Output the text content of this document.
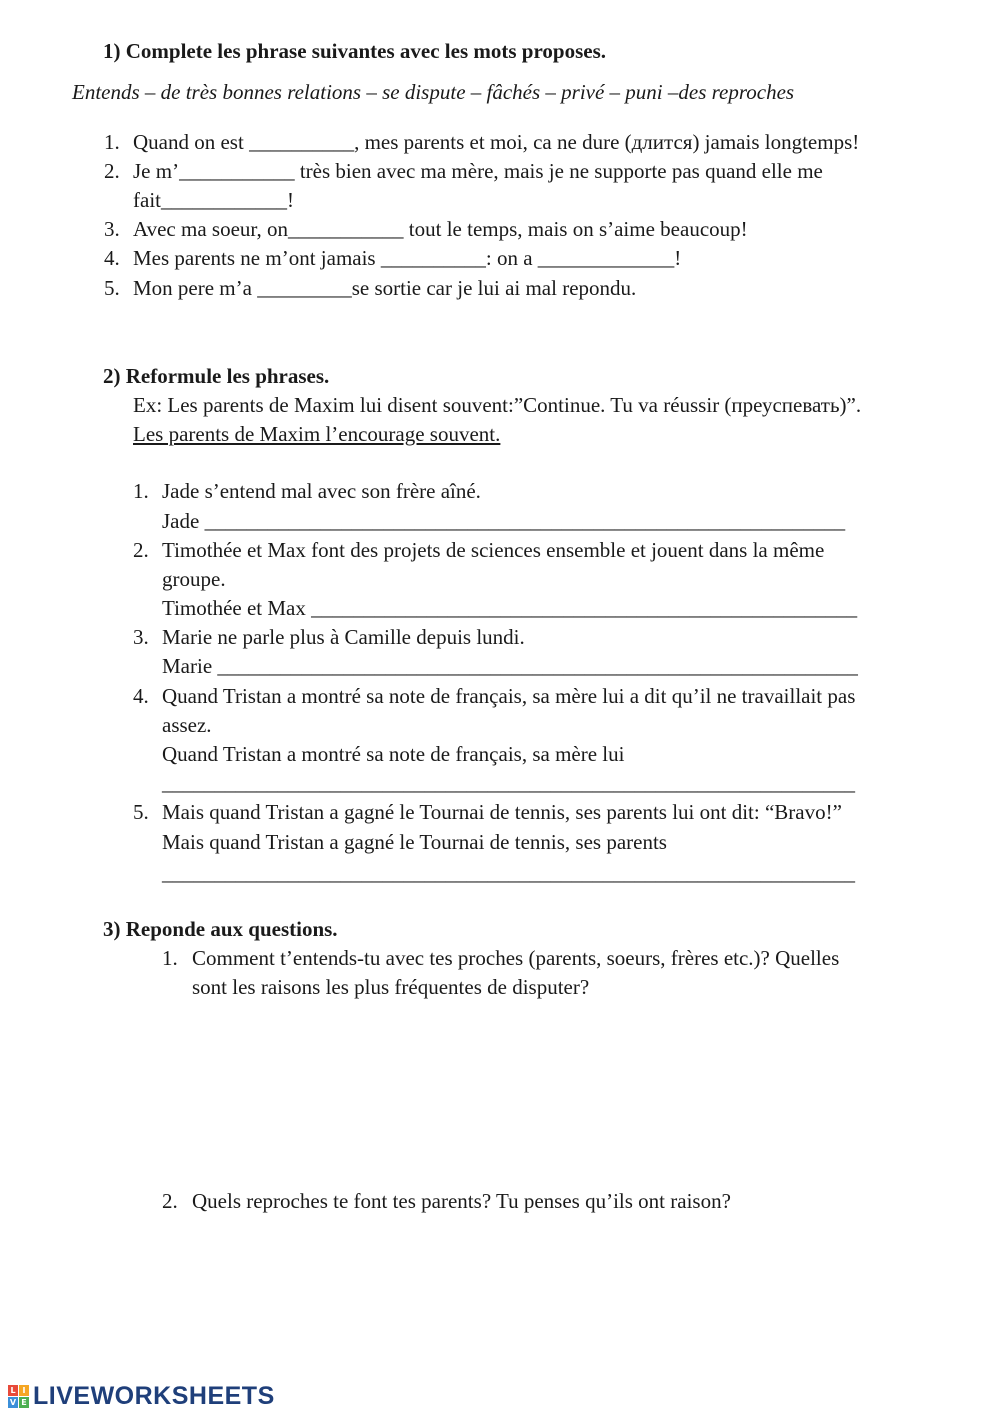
1) Complete les phrase suivantes avec les mots proposes.
Entends – de très bonnes relations – se dispute – fâchés – privé – puni –des reproches
1. Quand on est __________, mes parents et moi, ca ne dure (длится) jamais longtemps!
2. Je m’___________ très bien avec ma mère, mais je ne supporte pas quand elle me
fait____________!
3. Avec ma soeur, on___________ tout le temps, mais on s’aime beaucoup!
4. Mes parents ne m’ont jamais __________: on a _____________!
5. Mon pere m’a _________se sortie car je lui ai mal repondu.
2) Reformule les phrases.
Ex: Les parents de Maxim lui disent souvent:”Continue. Tu va réussir (преуспевать)”.
Les parents de Maxim l’encourage souvent.
1. Jade s’entend mal avec son frère aîné.
Jade _____________________________________________________________
2. Timothée et Max font des projets de sciences ensemble et jouent dans la même
groupe.
Timothée et Max ____________________________________________________
3. Marie ne parle plus à Camille depuis lundi.
Marie _____________________________________________________________
4. Quand Tristan a montré sa note de français, sa mère lui a dit qu’il ne travaillait pas
assez.
Quand Tristan a montré sa note de français, sa mère lui
__________________________________________________________________
5. Mais quand Tristan a gagné le Tournai de tennis, ses parents lui ont dit: “Bravo!”
Mais quand Tristan a gagné le Tournai de tennis, ses parents
__________________________________________________________________
3) Reponde aux questions.
1. Comment t’entends-tu avec tes proches (parents, soeurs, frères etc.)? Quelles
sont les raisons les plus fréquentes de disputer?
2. Quels reproches te font tes parents? Tu penses qu’ils ont raison?
L I
V E LIVEWORKSHEETS
